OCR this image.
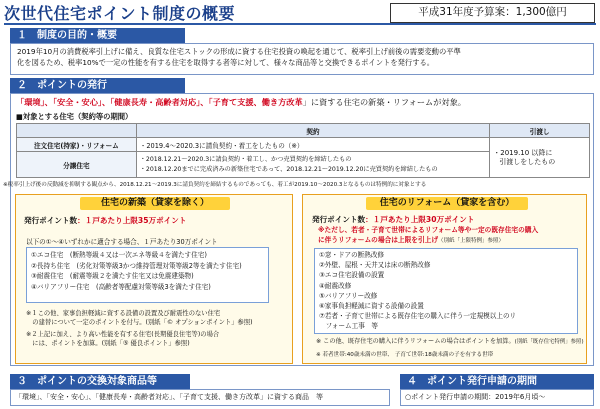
次世代住宅ポイント制度の概要	平成31年度予算案：1,300億円
１　制度の目的・概要
2019年10月の消費税率引上げに備え、良質な住宅ストックの形成に資する住宅投資の喚起を通じて、税率引上げ前後の需要変動の平準
化を図るため、税率10%で一定の性能を有する住宅を取得する者等に対して、様々な商品等と交換できるポイントを発行する。
２　ポイントの発行
「環境」、「安全・安心」、「健康長寿・高齢者対応」、「子育て支援、働き方改革」に資する住宅の新築・リフォームが対象。
■対象とする住宅（契約等の期間）
	契約	引渡し
注文住宅(持家)・リフォーム	・2019.4～2020.3に請負契約・着工をしたもの（※）	・2019.10 以降に
引渡しをしたもの

分譲住宅	・2018.12.21～2020.3に請負契約・着工し、かつ売買契約を締結したもの
・2018.12.20までに完成済みの新築住宅であって、2018.12.21～2019.12.20に売買契約を締結したもの	
※税率引上げ後の反動減を抑制する観点から、2018.12.21～2019.3に請負契約を締結するものであっても、着工が2019.10～2020.3となるものは特例的に対象とする
住宅の新築（貸家を除く）
発行ポイント数：１戸あたり上限35万ポイント
以下の①～④いずれかに適合する場合、１戸あたり30万ポイント
①エコ住宅　(断熱等級４又は一次エネ等級４を満たす住宅)
②長持ち住宅　(劣化対策等級3かつ維持管理対策等級2等を満たす住宅)
③耐震住宅　(耐震等級２を満たす住宅又は免震建築物)
④バリアフリー住宅　(高齢者等配慮対策等級3を満たす住宅)
※１この他、家事負担軽減に資する設備の設置及び耐震性のない住宅
　の建替について一定のポイントを付与。(別紙「© オプションポイント」参照)
※２上記に加え、より高い性能を有する住宅(長期優良住宅等)の場合
　には、ポイントを加算。(別紙「⑤ 優良ポイント」参照)
住宅のリフォーム（貸家を含む）
発行ポイント数：１戸あたり上限30万ポイント
※ただし、若者・子育て世帯によるリフォーム等や一定の既存住宅の購入
に伴うリフォームの場合は上限を引上げ（別紙「上限特例」参照）
①窓・ドアの断熱改修
②外壁、屋根・天井又は床の断熱改修
③エコ住宅設備の設置
④耐震改修
⑤バリアフリー改修
⑥家事負担軽減に資する設備の設置
⑦若者・子育て世帯による既存住宅の購入に伴う一定規模以上のリ
　フォーム工事　等
※ この他、既存住宅の購入に伴うリフォームの場合はポイントを加算。(別紙「既存住宅特例」参照)
※ 若者世帯:40歳未満の世帯、 子育て世帯:18歳未満の子を有する世帯
３　ポイントの交換対象商品等
「環境」、「安全・安心」、「健康長寿・高齢者対応」、「子育て支援、働き方改革」に資する商品　等
４　ポイント発行申請の期間
○ポイント発行申請の期間：2019年6月頃～
